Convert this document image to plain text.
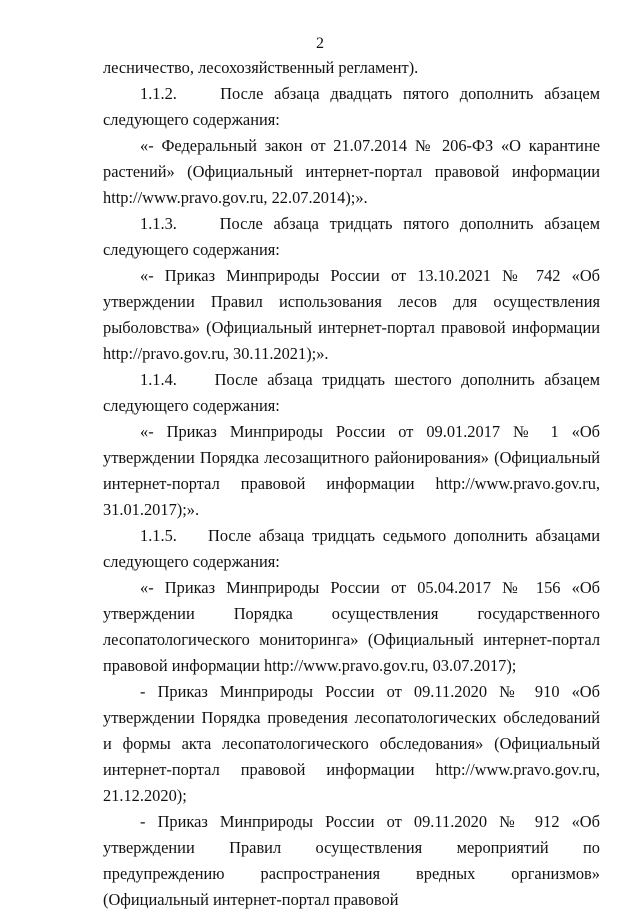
2

лесничество, лесохозяйственный регламент).

1.1.2.    После абзаца двадцать пятого дополнить абзацем следующего содержания:

«- Федеральный закон от 21.07.2014 № 206-ФЗ «О карантине растений» (Официальный интернет-портал правовой информации http://www.pravo.gov.ru, 22.07.2014);».

1.1.3.    После абзаца тридцать пятого дополнить абзацем следующего содержания:

«- Приказ Минприроды России от 13.10.2021 № 742 «Об утверждении Правил использования лесов для осуществления рыболовства» (Официальный интернет-портал правовой информации http://pravo.gov.ru, 30.11.2021);».

1.1.4.    После абзаца тридцать шестого дополнить абзацем следующего содержания:

«- Приказ Минприроды России от 09.01.2017 № 1 «Об утверждении Порядка лесозащитного районирования» (Официальный интернет-портал правовой информации http://www.pravo.gov.ru, 31.01.2017);».

1.1.5.    После абзаца тридцать седьмого дополнить абзацами следующего содержания:

«- Приказ Минприроды России от 05.04.2017 № 156 «Об утверждении Порядка осуществления государственного лесопатологического мониторинга» (Официальный интернет-портал правовой информации http://www.pravo.gov.ru, 03.07.2017);

- Приказ Минприроды России от 09.11.2020 № 910 «Об утверждении Порядка проведения лесопатологических обследований и формы акта лесопатологического обследования» (Официальный интернет-портал правовой информации http://www.pravo.gov.ru, 21.12.2020);

- Приказ Минприроды России от 09.11.2020 № 912 «Об утверждении Правил осуществления мероприятий по предупреждению распространения вредных организмов» (Официальный интернет-портал правовой
